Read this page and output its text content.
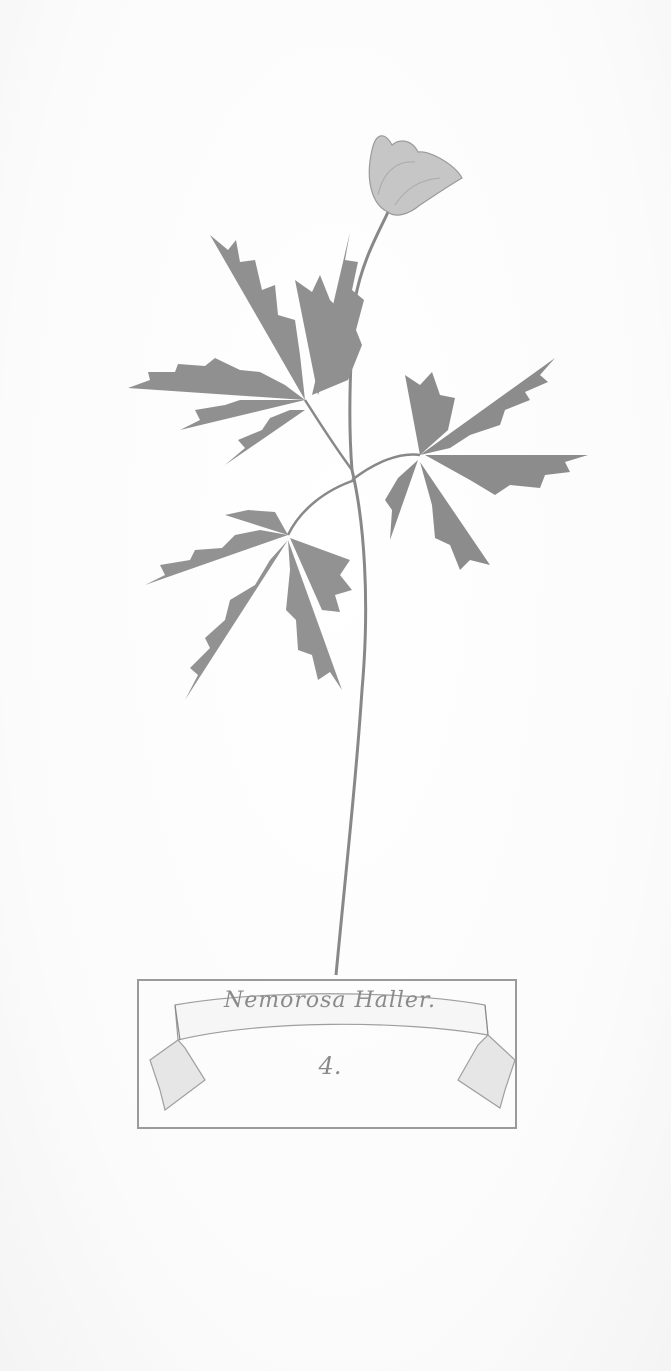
Nemorosa Haller.
4.
